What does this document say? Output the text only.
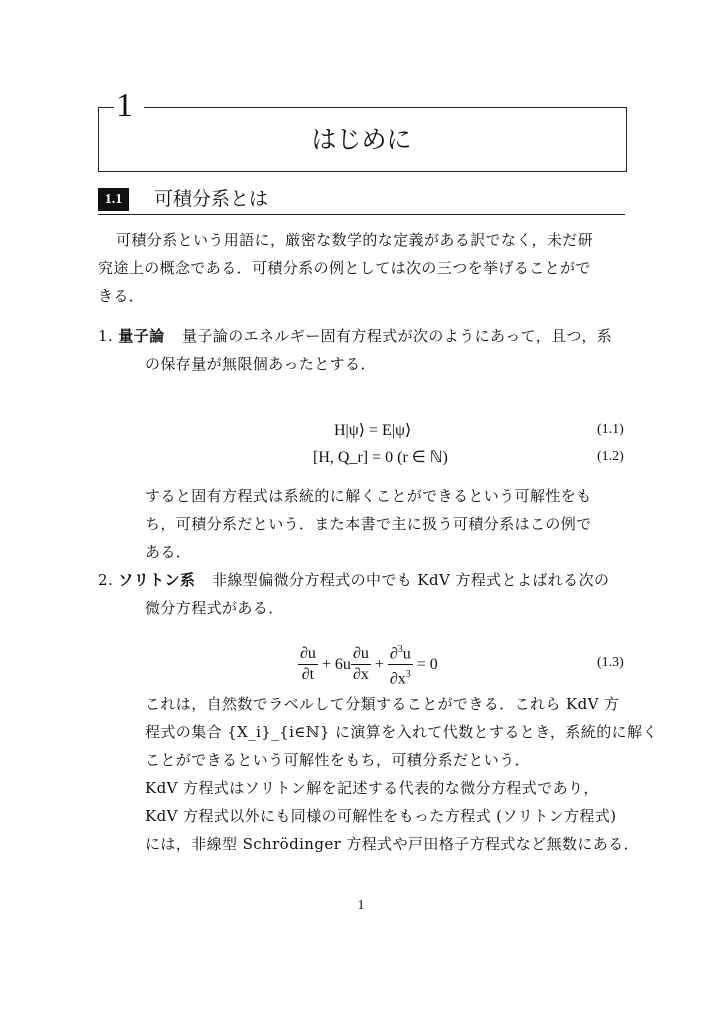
1
はじめに
1.1	可積分系とは
可積分系という用語に，厳密な数学的な定義がある訳でなく，未だ研
究途上の概念である．可積分系の例としては次の三つを挙げることがで
きる．
1. 量子論 量子論のエネルギー固有方程式が次のようにあって，且つ，系
の保存量が無限個あったとする．
H|ψ⟩ = E|ψ⟩	(1.1)
[H, Q_r] = 0 (r ∈ ℕ)	(1.2)
すると固有方程式は系統的に解くことができるという可解性をも
ち，可積分系だという．また本書で主に扱う可積分系はこの例で
ある．
2. ソリトン系 非線型偏微分方程式の中でも KdV 方程式とよばれる次の
微分方程式がある．
$\frac{\partial u}{\partial t} + 6u \frac{\partial u}{\partial x} + \frac{\partial^3u}{\partial x^3} = 0$	(1.3)
これは，自然数でラベルして分類することができる．これら KdV 方
程式の集合 {X_i}_{i∈ℕ} に演算を入れて代数とするとき，系統的に解く
ことができるという可解性をもち，可積分系だという．
KdV 方程式はソリトン解を記述する代表的な微分方程式であり，
KdV 方程式以外にも同様の可解性をもった方程式 (ソリトン方程式)
には，非線型 Schrödinger 方程式や戸田格子方程式など無数にある．
1
